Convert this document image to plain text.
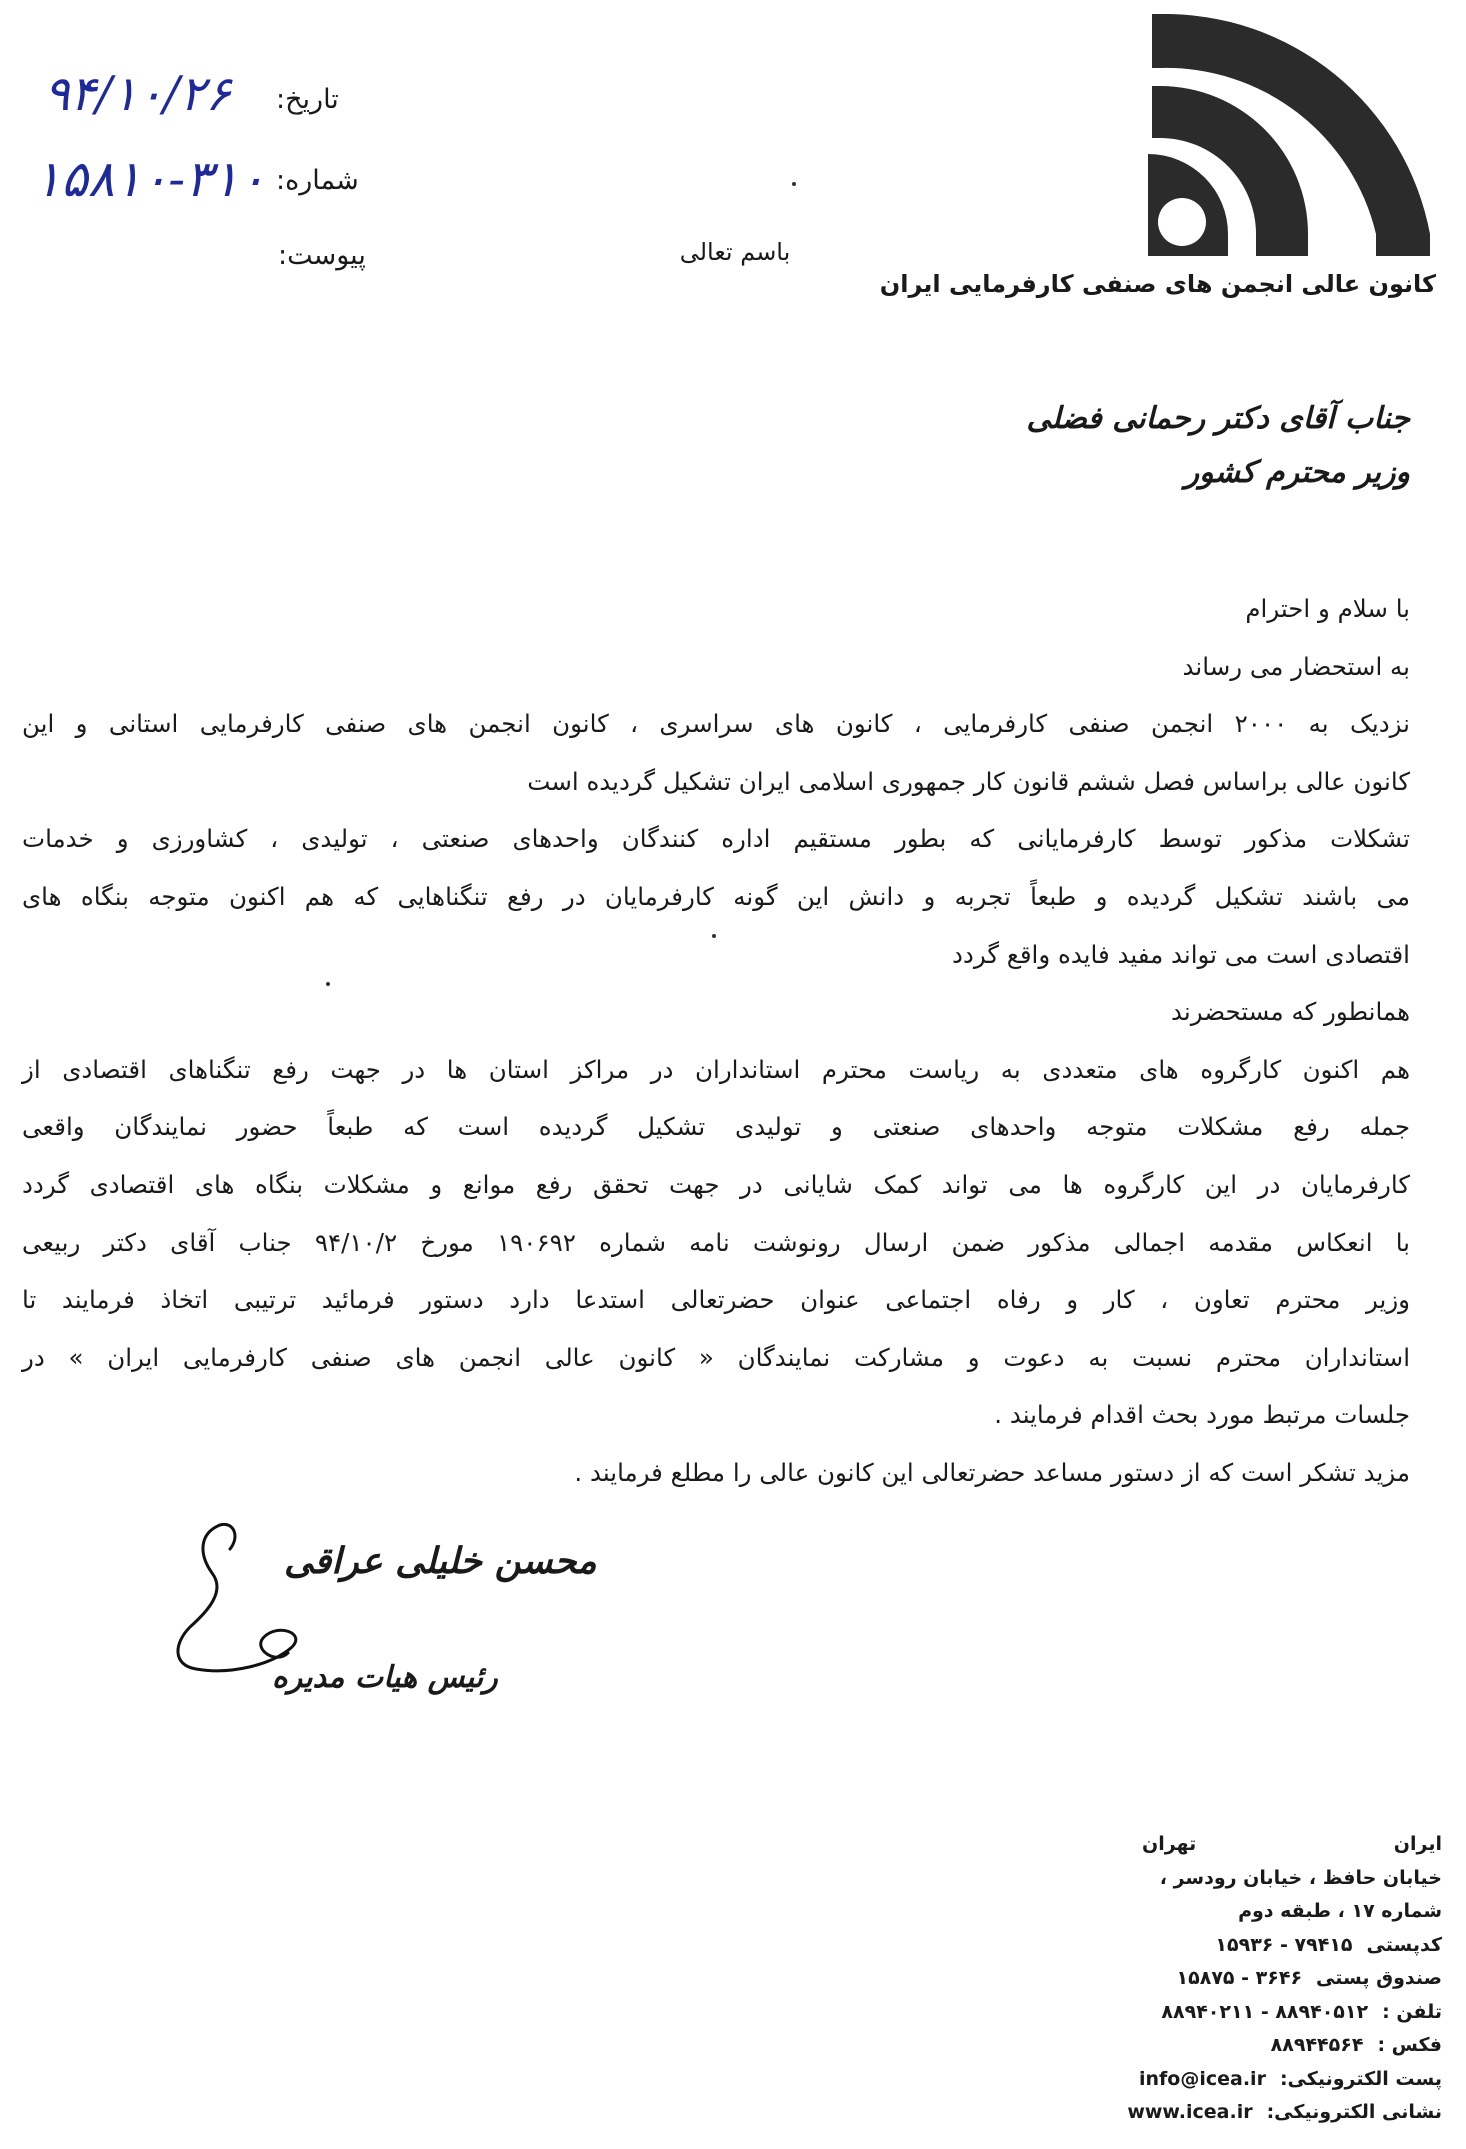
کانون عالی انجمن های صنفی کارفرمایی ایران
باسم تعالی
تاریخ:
شماره:
پیوست:
۹۴/۱۰/۲۶
۱۵۸۱۰-۳۱۰
جناب آقای دکتر رحمانی فضلی
وزیر محترم کشور

با سلام و احترام

به استحضار می رساند

نزدیک به ۲۰۰۰ انجمن صنفی کارفرمایی ، کانون های سراسری ، کانون انجمن های صنفی کارفرمایی استانی و این

کانون عالی براساس فصل ششم قانون کار جمهوری اسلامی ایران تشکیل گردیده است

تشکلات مذکور توسط کارفرمایانی که بطور مستقیم اداره کنندگان واحدهای صنعتی ، تولیدی ، کشاورزی و خدمات

می باشند تشکیل گردیده و طبعاً تجربه و دانش این گونه کارفرمایان در رفع تنگناهایی که هم اکنون متوجه بنگاه های

اقتصادی است می تواند مفید فایده واقع گردد

همانطور که مستحضرند

هم اکنون کارگروه های متعددی به ریاست محترم استانداران در مراکز استان ها در جهت رفع تنگناهای اقتصادی از

جمله رفع مشکلات متوجه واحدهای صنعتی و تولیدی تشکیل گردیده است که طبعاً حضور نمایندگان واقعی

کارفرمایان در این کارگروه ها می تواند کمک شایانی در جهت تحقق رفع موانع و مشکلات بنگاه های اقتصادی گردد

با انعکاس مقدمه اجمالی مذکور ضمن ارسال رونوشت نامه شماره ۱۹۰۶۹۲ مورخ ۹۴/۱۰/۲ جناب آقای دکتر ربیعی

وزیر محترم تعاون ، کار و رفاه اجتماعی عنوان حضرتعالی استدعا دارد دستور فرمائید ترتیبی اتخاذ فرمایند تا

استانداران محترم نسبت به دعوت و مشارکت نمایندگان « کانون عالی انجمن های صنفی کارفرمایی ایران » در

جلسات مرتبط مورد بحث اقدام فرمایند .

مزید تشکر است که از دستور مساعد حضرتعالی این کانون عالی را مطلع فرمایند .

محسن خلیلی عراقی
رئیس هیات مدیره
ایران
تهران
خیابان حافظ ، خیابان رودسر ،
شماره ۱۷ ، طبقه دوم
کدپستی
۷۹۴۱۵ - ۱۵۹۳۶
صندوق پستی
۳۶۴۶ - ۱۵۸۷۵
تلفن :
۸۸۹۴۰۵۱۲ - ۸۸۹۴۰۲۱۱
فکس :
۸۸۹۴۴۵۶۴
پست الکترونیکی:
info@icea.ir
نشانی الکترونیکی:
www.icea.ir
